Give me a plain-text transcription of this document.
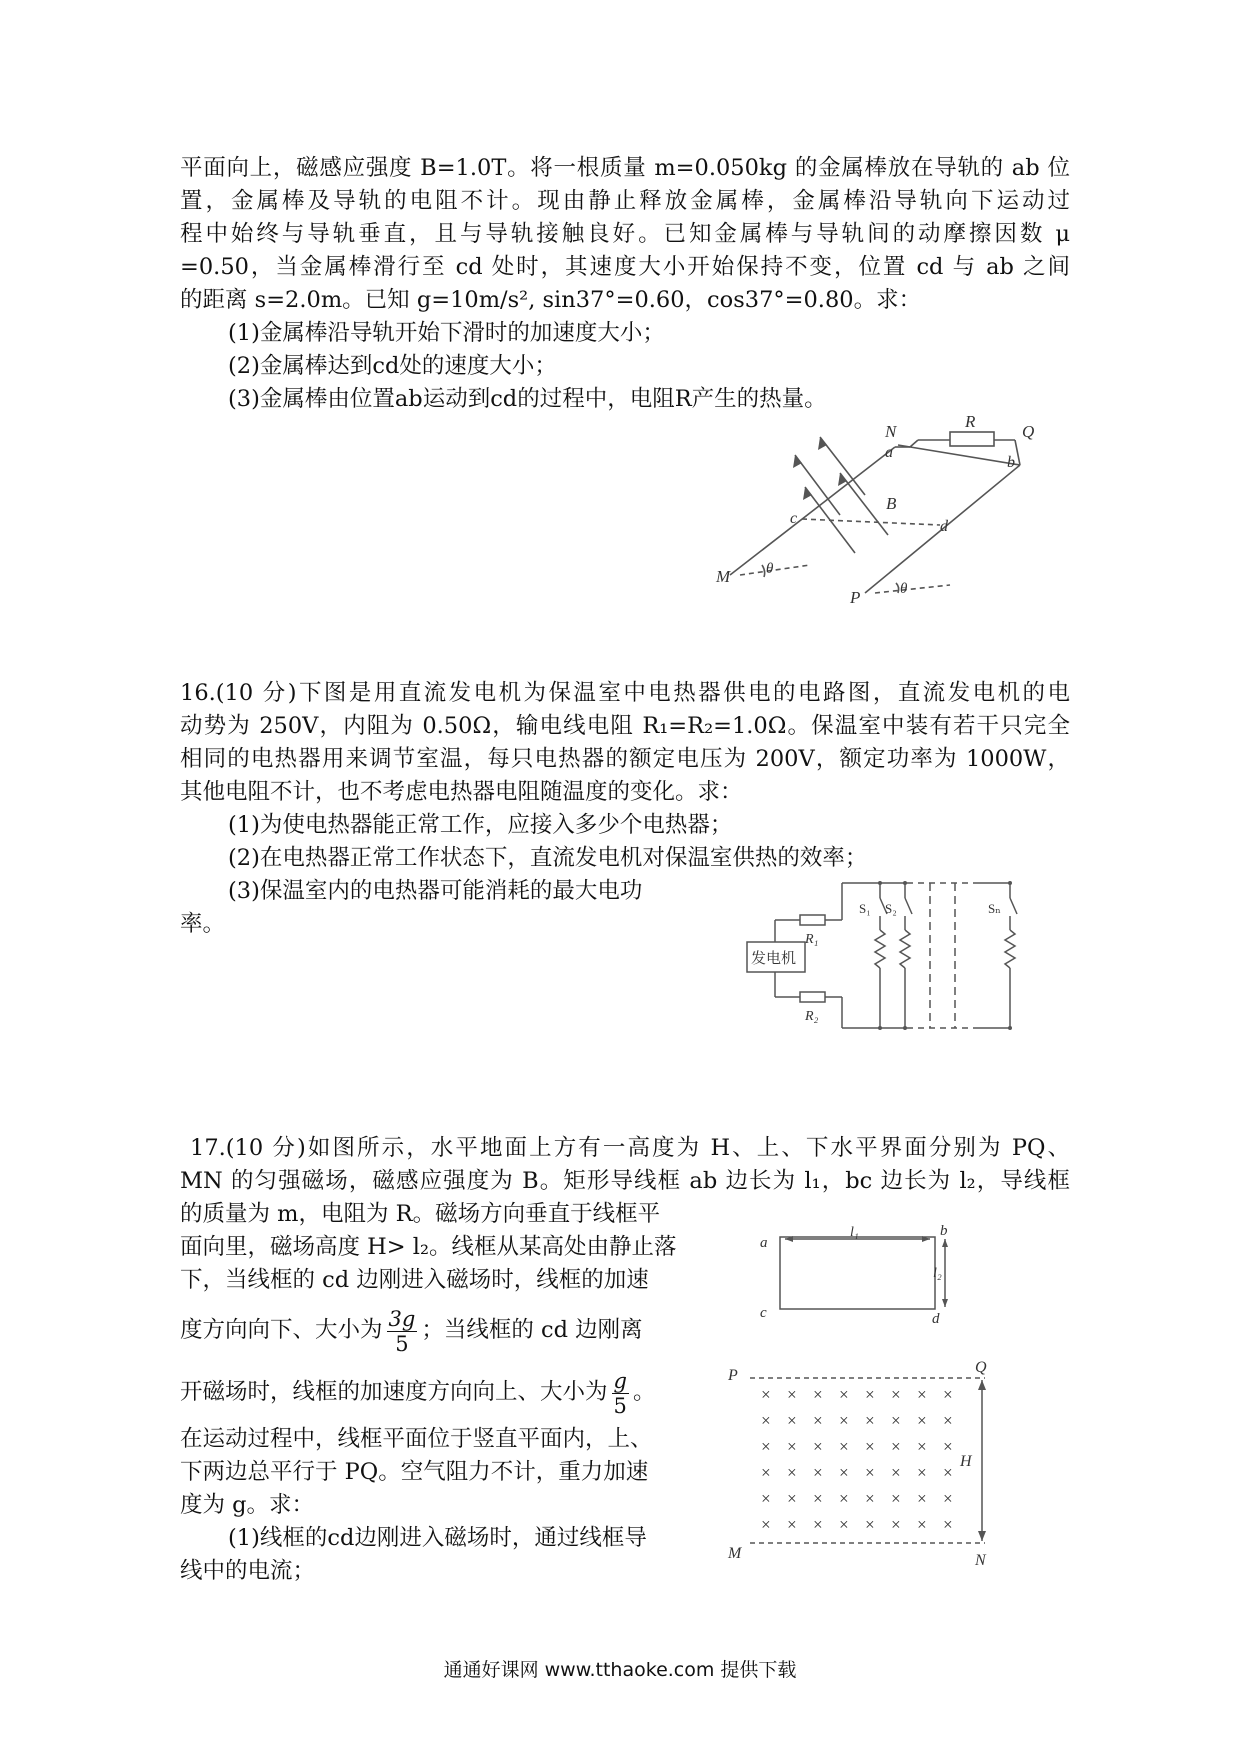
平面向上，磁感应强度 B=1.0T。将一根质量 m=0.050kg 的金属棒放在导轨的 ab 位
置，金属棒及导轨的电阻不计。现由静止释放金属棒，金属棒沿导轨向下运动过
程中始终与导轨垂直，且与导轨接触良好。已知金属棒与导轨间的动摩擦因数 μ
=0.50，当金属棒滑行至 cd 处时，其速度大小开始保持不变，位置 cd 与 ab 之间
的距离 s=2.0m。已知 g=10m/s², sin37°=0.60，cos37°=0.80。求：
(1)金属棒沿导轨开始下滑时的加速度大小；
(2)金属棒达到cd处的速度大小；
(3)金属棒由位置ab运动到cd的过程中，电阻R产生的热量。
N
R
Q
a
b
B
c	d
M
P
θ
θ
16.(10 分)下图是用直流发电机为保温室中电热器供电的电路图，直流发电机的电
动势为 250V，内阻为 0.50Ω，输电线电阻 R₁=R₂=1.0Ω。保温室中装有若干只完全
相同的电热器用来调节室温，每只电热器的额定电压为 200V，额定功率为 1000W，
其他电阻不计，也不考虑电热器电阻随温度的变化。求：
(1)为使电热器能正常工作，应接入多少个电热器；
(2)在电热器正常工作状态下，直流发电机对保温室供热的效率；
(3)保温室内的电热器可能消耗的最大电功
率。
发电机
R₁
R₂
S₁ S₂	Sₙ
17.(10 分)如图所示，水平地面上方有一高度为 H、上、下水平界面分别为 PQ、
MN 的匀强磁场，磁感应强度为 B。矩形导线框 ab 边长为 l₁，bc 边长为 l₂，导线框
的质量为 m，电阻为 R。磁场方向垂直于线框平
面向里，磁场高度 H> l₂。线框从某高处由静止落
下，当线框的 cd 边刚进入磁场时，线框的加速
度方向向下、大小为 $\frac{3g}{5}$ ；当线框的 cd 边刚离
开磁场时，线框的加速度方向向上、大小为 $\frac{g}{5}$ 。
在运动过程中，线框平面位于竖直平面内，上、
下两边总平行于 PQ。空气阻力不计，重力加速
度为 g。求：
(1)线框的cd边刚进入磁场时，通过线框导
线中的电流；
a
b
c	d
l₁
l₂
× × × × × × × ×
× × × × × × × ×
× × × × × × × ×
× × × × × × × ×
× × × × × × × ×
× × × × × × × ×
P	Q
M	N
H
通通好课网 www.tthaoke.com 提供下载
